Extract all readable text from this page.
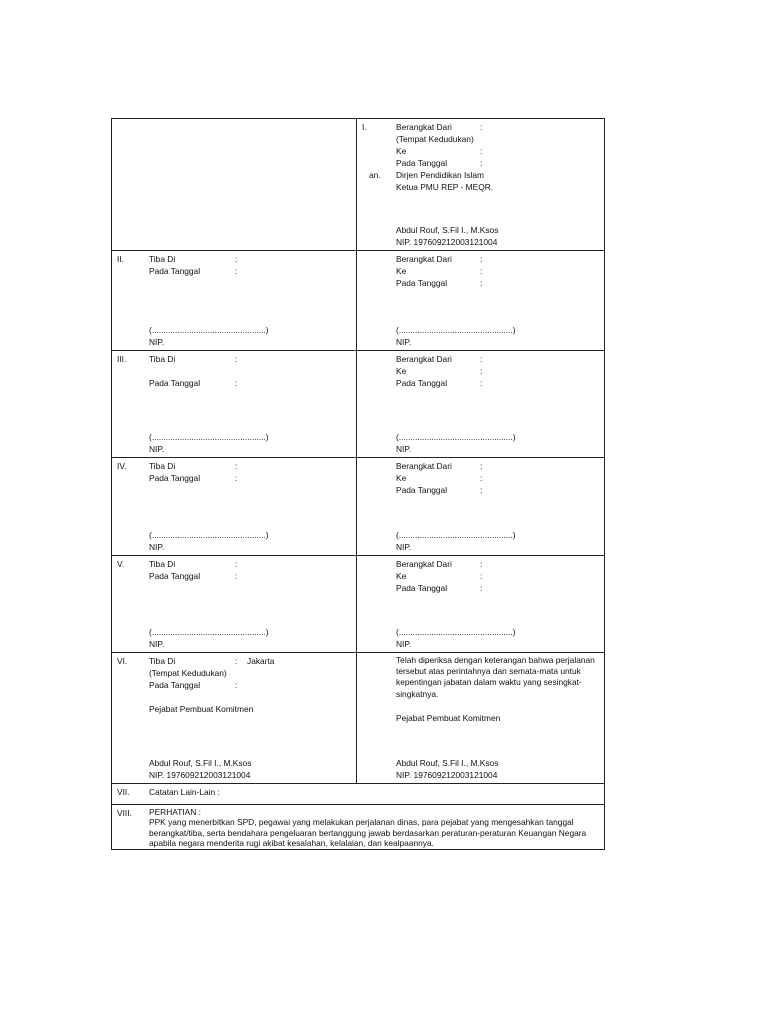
I.	Berangkat Dari	:
(Tempat Kedudukan)
Ke	:
Pada Tanggal	:
an. Dirjen Pendidikan Islam
Ketua PMU REP - MEQR.
Abdul Rouf, S.Fil I., M.Ksos
NIP. 197609212003121004
II.	Tiba Di	:
Pada Tanggal	:
(.................................................)
NIP.
Berangkat Dari	:
Ke	:
Pada Tanggal	:
(.................................................)
NIP.
III.	Tiba Di	:
Pada Tanggal	:
(.................................................)
NIP.
Berangkat Dari	:
Ke	:
Pada Tanggal	:
(.................................................)
NIP.
IV.	Tiba Di	:
Pada Tanggal	:
(.................................................)
NIP.
Berangkat Dari	:
Ke	:
Pada Tanggal	:
(.................................................)
NIP.
V.	Tiba Di	:
Pada Tanggal	:
(.................................................)
NIP.
Berangkat Dari	:
Ke	:
Pada Tanggal	:
(.................................................)
NIP.
VI.	Tiba Di	:	Jakarta
(Tempat Kedudukan)
Pada Tanggal	:
Pejabat Pembuat Komitmen
Abdul Rouf, S.Fil I., M.Ksos
NIP. 197609212003121004
Telah diperiksa dengan keterangan bahwa perjalanan tersebut atas perintahnya dan semata-mata untuk kepentingan jabatan dalam waktu yang sesingkat-singkatnya.
Pejabat Pembuat Komitmen
Abdul Rouf, S.Fil I., M.Ksos
NIP. 197609212003121004
VII. Catatan Lain-Lain :
VIII. PERHATIAN :
PPK yang menerbitkan SPD, pegawai yang melakukan perjalanan dinas, para pejabat yang mengesahkan tanggal berangkat/tiba, serta bendahara pengeluaran bertanggung jawab berdasarkan peraturan-peraturan Keuangan Negara apabila negara menderita rugi akibat kesalahan, kelalaian, dan kealpaannya.
